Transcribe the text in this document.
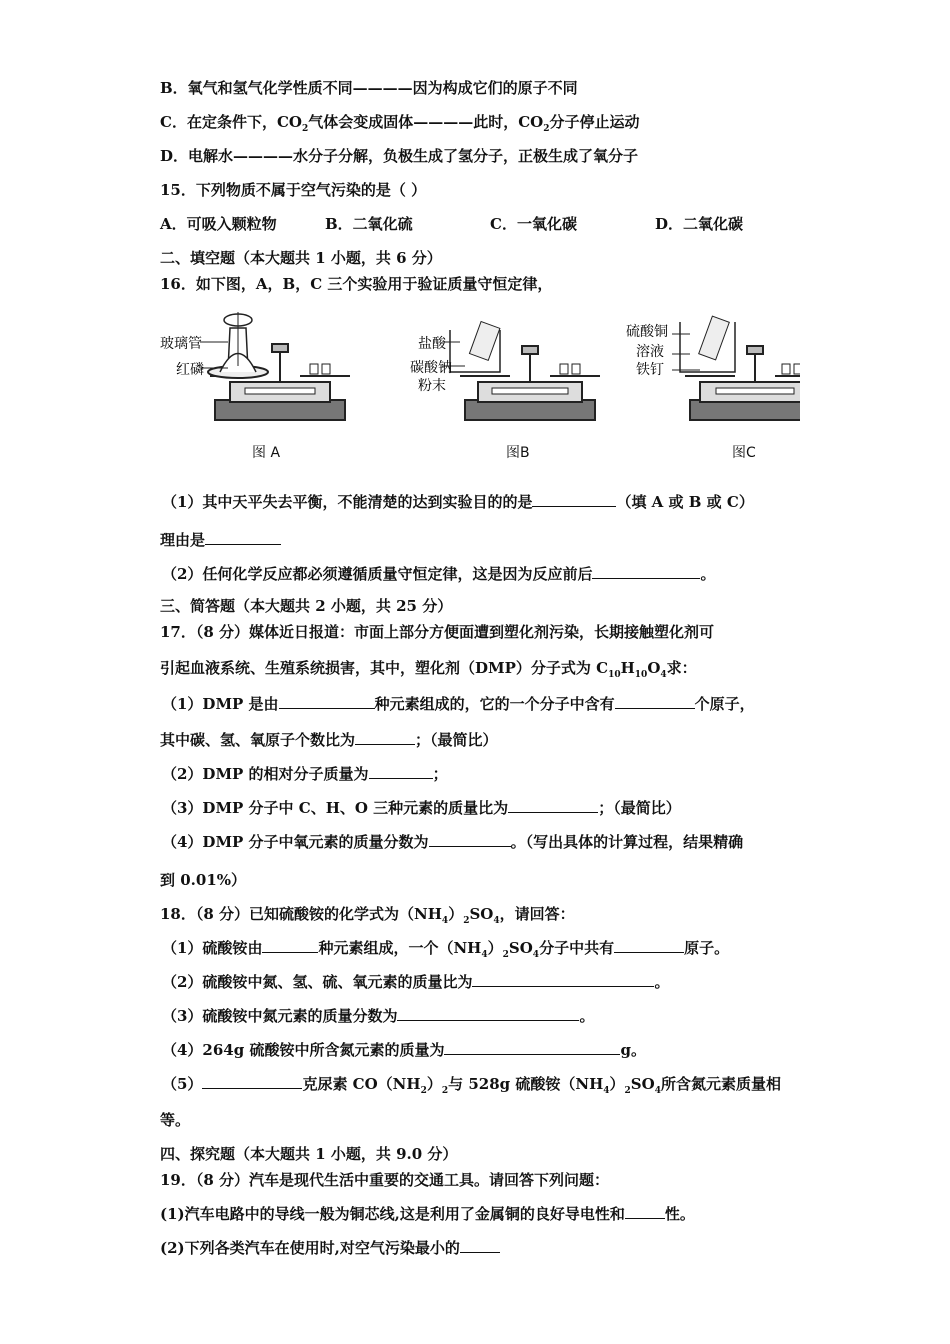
B．氧气和氢气化学性质不同————因为构成它们的原子不同
C．在定条件下，$CO_2$气体会变成固体————此时，$CO_2$分子停止运动
D．电解水————水分子分解，负极生成了氢分子，正极生成了氧分子
15．下列物质不属于空气污染的是（ ）
A．可吸入颗粒物	B．二氧化硫	C．一氧化碳	D．二氧化碳
二、填空题（本大题共 1 小题，共 6 分）
16．如下图，A，B，C 三个实验用于验证质量守恒定律，
玻璃管
红磷
盐酸
碳酸钠
粉末
硫酸铜
溶液
铁钉
图 A	图B	图C
（1）其中天平失去平衡，不能清楚的达到实验目的的是	（填 A 或 B 或 C）
理由是
（2）任何化学反应都必须遵循质量守恒定律，这是因为反应前后	。
三、简答题（本大题共 2 小题，共 25 分）
17．（8 分）媒体近日报道：市面上部分方便面遭到塑化剂污染，长期接触塑化剂可
引起血液系统、生殖系统损害，其中，塑化剂（DMP）分子式为 $C_{10}H_{10}O_4$求：
（1）DMP 是由	种元素组成的，它的一个分子中含有	个原子，
其中碳、氢、氧原子个数比为	；（最简比）
（2）DMP 的相对分子质量为	；
（3）DMP 分子中 C、H、O 三种元素的质量比为	；（最简比）
（4）DMP 分子中氧元素的质量分数为	。（写出具体的计算过程，结果精确
到 0.01%）
18．（8 分）已知硫酸铵的化学式为$(NH_4)_2SO_4$，请回答：
（1）硫酸铵由	种元素组成，一个$(NH_4)_2SO_4$分子中共有	原子。
（2）硫酸铵中氮、氢、硫、氧元素的质量比为	。
（3）硫酸铵中氮元素的质量分数为	。
（4）264g 硫酸铵中所含氮元素的质量为	g。
（5）	克尿素 $CO(NH_2)_2$与 528g 硫酸铵$(NH_4)_2SO_4$所含氮元素质量相
等。
四、探究题（本大题共 1 小题，共 9.0 分）
19．（8 分）汽车是现代生活中重要的交通工具。请回答下列问题：
(1)汽车电路中的导线一般为铜芯线,这是利用了金属铜的良好导电性和	性。
(2)下列各类汽车在使用时,对空气污染最小的
